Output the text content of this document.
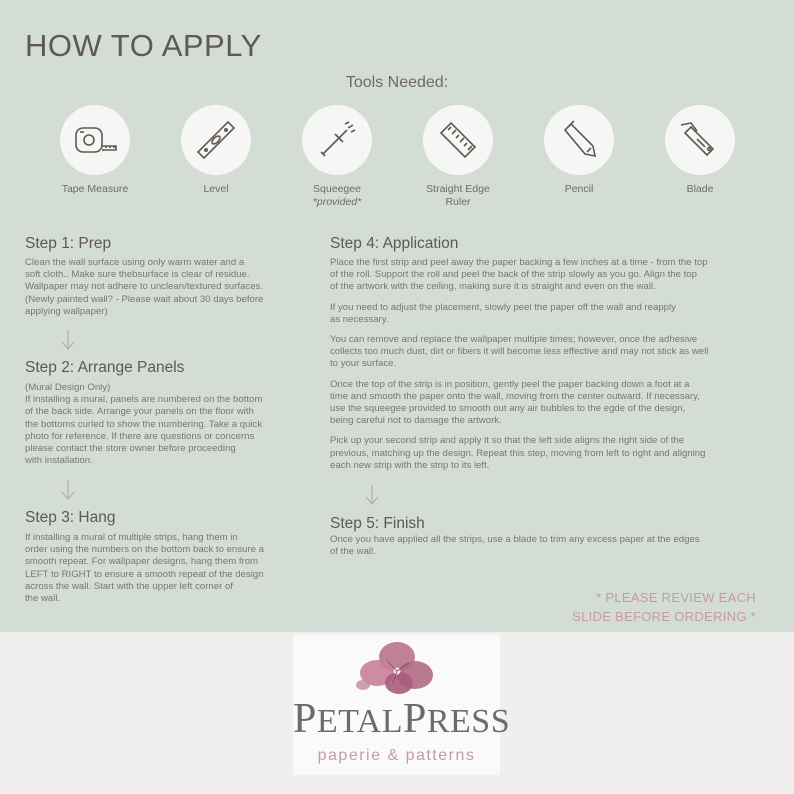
HOW TO APPLY
Tools Needed:
Tape Measure	Level	Squeegee
*provided*
Straight Edge
Ruler
Pencil	Blade
Step 1: Prep
Clean the wall surface using only warm water and a
soft cloth.. Make sure thebsurface is clear of residue.
Wallpaper may not adhere to unclean/textured surfaces.
(Newly painted wall? - Please wait about 30 days before
applying wallpaper)
Step 2: Arrange Panels
(Mural Design Only)
If installing a mural, panels are numbered on the bottom
of the back side. Arrange your panels on the floor with
the bottoms curled to show the numbering. Take a quick
photo for reference. If there are questions or concerns
please contact the store owner before proceeding
with installation.
Step 3: Hang
If installing a mural of multiple strips, hang them in
order using the numbers on the bottom back to ensure a
smooth repeat. For wallpaper designs, hang them from
LEFT to RIGHT to ensure a smooth repeat of the design
across the wall. Start with the upper left corner of
the wall.
Step 4: Application

Place the first strip and peel away the paper backing a few inches at a time - from the top
of the roll. Support the roll and peel the back of the strip slowly as you go. Align the top
of the artwork with the ceiling, making sure it is straight and even on the wall.

If you need to adjust the placement, slowly peel the paper off the wall and reapply
as necessary.

You can remove and replace the wallpaper multiple times; however, once the adhesive
collects too much dust, dirt or fibers it will become less effective and may not stick as well
to your surface.

Once the top of the strip is in position, gently peel the paper backing down a foot at a
time and smooth the paper onto the wall, moving from the center outward. If necessary,
use the squeegee provided to smooth out any air bubbles to the egde of the design,
being careful not to damage the artwork.

Pick up your second strip and apply it so that the left side aligns the right side of the
previous, matching up the design. Repeat this step, moving from left to right and aligning
each new strip with the strip to its left.

Step 5: Finish
Once you have applied all the strips, use a blade to trim any excess paper at the edges
of the wall.
* PLEASE REVIEW EACH
SLIDE BEFORE ORDERING *
PETALPRESS
paperie & patterns
